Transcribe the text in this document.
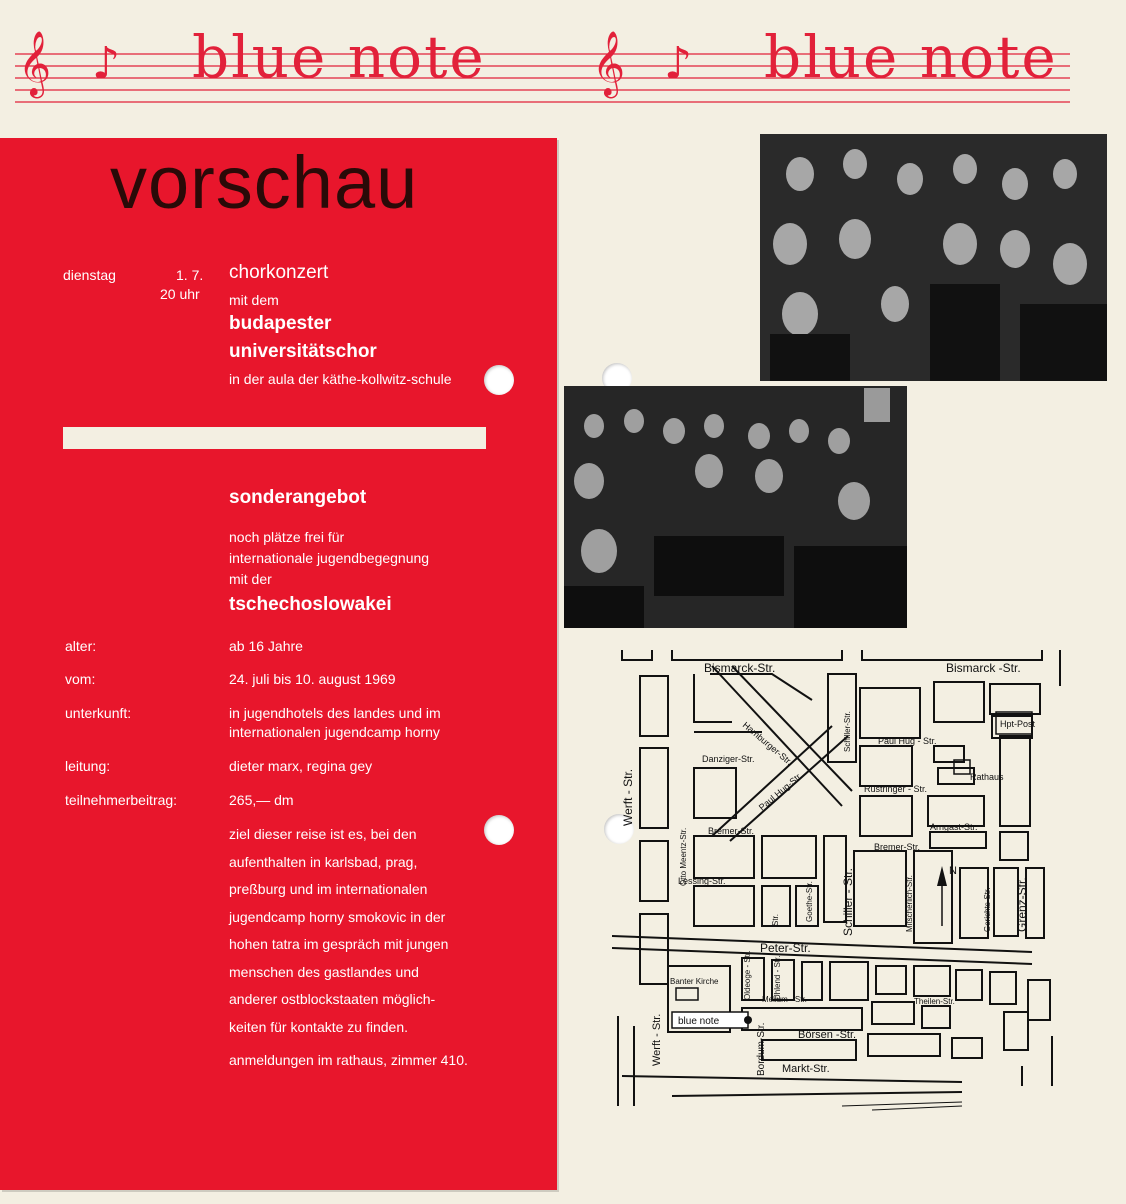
𝄞 ♪ blue note 𝄞 ♪ blue note
vorschau
dienstag	1. 7.
20 uhr
chorkonzert
mit dem
budapester
universitätschor
in der aula der käthe-kollwitz-schule
sonderangebot
noch plätze frei für
internationale jugendbegegnung
mit der
tschechoslowakei
alter:	ab 16 Jahre
vom:	24. juli bis 10. august 1969
unterkunft:	in jugendhotels des landes und im
internationalen jugendcamp horny
leitung:	dieter marx, regina gey
teilnehmerbeitrag:	265,— dm
ziel dieser reise ist es, bei den
aufenthalten in karlsbad, prag,
preßburg und im internationalen
jugendcamp horny smokovic in der
hohen tatra im gespräch mit jungen
menschen des gastlandes und
anderer ostblockstaaten möglich-
keiten für kontakte zu finden.
anmeldungen im rathaus, zimmer 410.
Bismarck-Str.	Bismarck -Str.
Hamburger-Str.	Schiller-Str.	Hpt-Post
Paul Hug - Str.
Danziger-Str.
Paul Hug-Str.	Rathaus
Rüstringer - Str.
Werft - Str.
Bremer-Str.	Arngast-Str.
Otto Meentz-Str.
Schiller - Str.
Bremer-Str.
Lessing-Str.	Mitscherlich-Str.
N
Goethe-Str.	Gerichts-Str. Grenz-Str.
Str.
Peter-Str.
Banter Kirche	Oldeoge - Str.	Uhlend - Str.
Mellum - Str.	Theilen-Str.
Werft - Str. blue note
Bordum-Str.	Börsen -Str.
Markt-Str.
